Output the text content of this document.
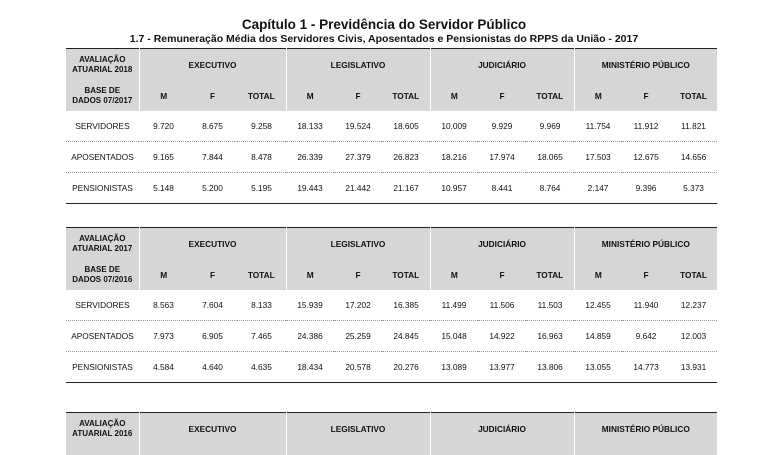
Capítulo 1 - Previdência do Servidor Público
1.7 - Remuneração Média dos Servidores Civis, Aposentados e Pensionistas do RPPS da União - 2017
AVALIAÇÃO
ATUARIAL 2018	EXECUTIVO			LEGISLATIVO			JUDICIÁRIO			MINISTÉRIO PÚBLICO		

BASE DE
DADOS 07/2017	M	F	TOTAL	M	F	TOTAL	M	F	TOTAL	M	F	TOTAL
SERVIDORES	9.720	8.675	9.258	18.133	19.524	18.605	10.009	9.929	9.969	11.754	11.912	11.821
APOSENTADOS	9.165	7.844	8.478	26.339	27.379	26.823	18.216	17.974	18.065	17.503	12.675	14.656
PENSIONISTAS	5.148	5.200	5.195	19.443	21.442	21.167	10.957	8.441	8.764	2.147	9.396	5.373
AVALIAÇÃO
ATUARIAL 2017	EXECUTIVO			LEGISLATIVO			JUDICIÁRIO			MINISTÉRIO PÚBLICO		

BASE DE
DADOS 07/2016	M	F	TOTAL	M	F	TOTAL	M	F	TOTAL	M	F	TOTAL
SERVIDORES	8.563	7.604	8.133	15.939	17.202	16.385	11.499	11.506	11.503	12.455	11.940	12.237
APOSENTADOS	7.973	6.905	7.465	24.386	25.259	24.845	15.048	14.922	16.963	14.859	9.642	12.003
PENSIONISTAS	4.584	4.640	4.635	18.434	20.578	20.276	13.089	13.977	13.806	13.055	14.773	13.931
AVALIAÇÃO
ATUARIAL 2016	EXECUTIVO	LEGISLATIVO	JUDICIÁRIO	MINISTÉRIO PÚBLICO
